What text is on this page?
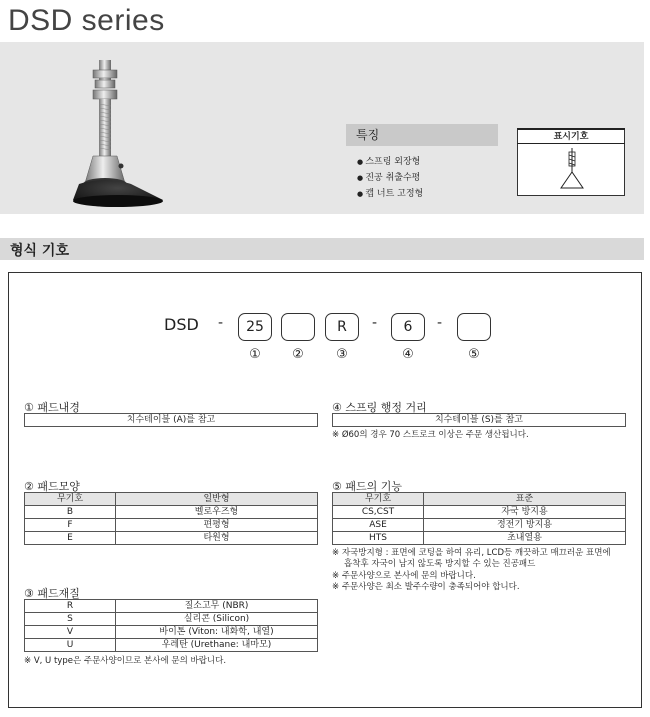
DSD series
특징
● 스프링 외장형
● 진공 취출수평
● 캡 너트 고정형
표시기호
형식 기호
DSD -	25	R	-	6	-
①	②	③	④	⑤
① 패드내경
치수테이블 (A)를 참고
④ 스프링 행정 거리
치수테이블 (S)를 참고
※ Ø60의 경우 70 스트로크 이상은 주문 생산됩니다.
② 패드모양
무기호	일반형
B	벨로우즈형
F	편평형
E	타원형
⑤ 패드의 기능
무기호	표준
CS,CST	자국 방지용
ASE	정전기 방지용
HTS	초내열용
※ 자국방지형 : 표면에 코팅을 하여 유리, LCD등 깨끗하고 매끄러운 표면에
흡착후 자국이 남지 않도록 방지할 수 있는 진공패드
※ 주문사양으로 본사에 문의 바랍니다.
※ 주문사양은 최소 발주수량이 충족되어야 합니다.
③ 패드재질
R	질소고무 (NBR)
S	실리콘 (Silicon)
V	바이톤 (Viton: 내화학, 내열)
U	우레탄 (Urethane: 내마모)
※ V, U type은 주문사양이므로 본사에 문의 바랍니다.
